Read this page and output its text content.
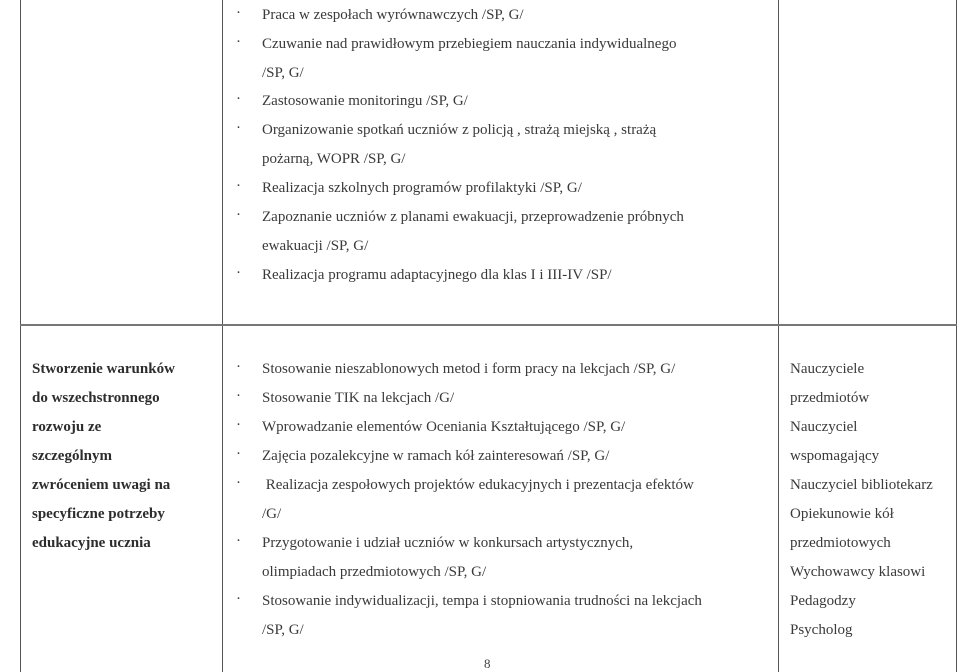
· Praca w zespołach wyrównawczych /SP, G/
· Czuwanie nad prawidłowym przebiegiem nauczania indywidualnego
/SP, G/
· Zastosowanie monitoringu /SP, G/
· Organizowanie spotkań uczniów z policją , strażą miejską , strażą
pożarną, WOPR /SP, G/
· Realizacja szkolnych programów profilaktyki /SP, G/
· Zapoznanie uczniów z planami ewakuacji, przeprowadzenie próbnych
ewakuacji /SP, G/
· Realizacja programu adaptacyjnego dla klas I i III-IV /SP/
Stworzenie warunków
do wszechstronnego
rozwoju ze
szczególnym
zwróceniem uwagi na
specyficzne potrzeby
edukacyjne ucznia
· Stosowanie nieszablonowych metod i form pracy na lekcjach /SP, G/
· Stosowanie TIK na lekcjach /G/
· Wprowadzanie elementów Oceniania Kształtującego /SP, G/
· Zajęcia pozalekcyjne w ramach kół zainteresowań /SP, G/
· Realizacja zespołowych projektów edukacyjnych i prezentacja efektów
/G/
· Przygotowanie i udział uczniów w konkursach artystycznych,
olimpiadach przedmiotowych /SP, G/
· Stosowanie indywidualizacji, tempa i stopniowania trudności na lekcjach
/SP, G/
Nauczyciele
przedmiotów
Nauczyciel
wspomagający
Nauczyciel bibliotekarz
Opiekunowie kół
przedmiotowych
Wychowawcy klasowi
Pedagodzy
Psycholog
8
